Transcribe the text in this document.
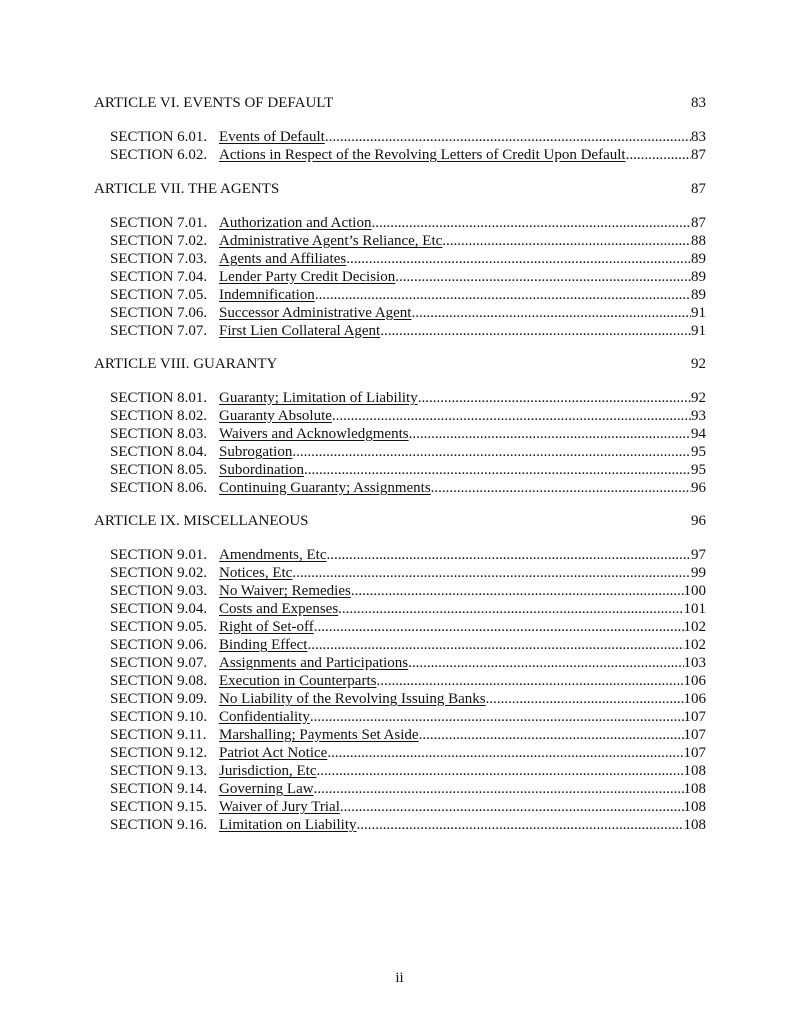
ARTICLE VI. EVENTS OF DEFAULT	83
SECTION 6.01. Events of Default . .....	83
SECTION 6.02. Actions in Respect of the Revolving Letters of Credit Upon Default .....	87
ARTICLE VII. THE AGENTS	87
SECTION 7.01. Authorization and Action .....	87
SECTION 7.02. Administrative Agent’s Reliance, Etc .....	88
SECTION 7.03. Agents and Affiliates . .....	89
SECTION 7.04. Lender Party Credit Decision .....	89
SECTION 7.05. Indemnification .....	89
SECTION 7.06. Successor Administrative Agent .....	91
SECTION 7.07. First Lien Collateral Agent .. .....	91
ARTICLE VIII. GUARANTY	92
SECTION 8.01. Guaranty; Limitation of Liability .....	92
SECTION 8.02. Guaranty Absolute . .....	93
SECTION 8.03. Waivers and Acknowledgments .. .....	94
SECTION 8.04. Subrogation .....	95
SECTION 8.05. Subordination .....	95
SECTION 8.06. Continuing Guaranty; Assignments .....	96
ARTICLE IX. MISCELLANEOUS	96
SECTION 9.01. Amendments, Etc . .....	97
SECTION 9.02. Notices, Etc .....	99
SECTION 9.03. No Waiver; Remedies .....	100
SECTION 9.04. Costs and Expenses .....	101
SECTION 9.05. Right of Set-off .. .....	102
SECTION 9.06. Binding Effect . .....	102
SECTION 9.07. Assignments and Participations .....	103
SECTION 9.08. Execution in Counterparts .....	106
SECTION 9.09. No Liability of the Revolving Issuing Banks . .....	106
SECTION 9.10. Confidentiality . .....	107
SECTION 9.11. Marshalling; Payments Set Aside .....	107
SECTION 9.12. Patriot Act Notice . .....	107
SECTION 9.13. Jurisdiction, Etc .....	108
SECTION 9.14. Governing Law . .....	108
SECTION 9.15. Waiver of Jury Trial .....	108
SECTION 9.16. Limitation on Liability .....	108
ii
